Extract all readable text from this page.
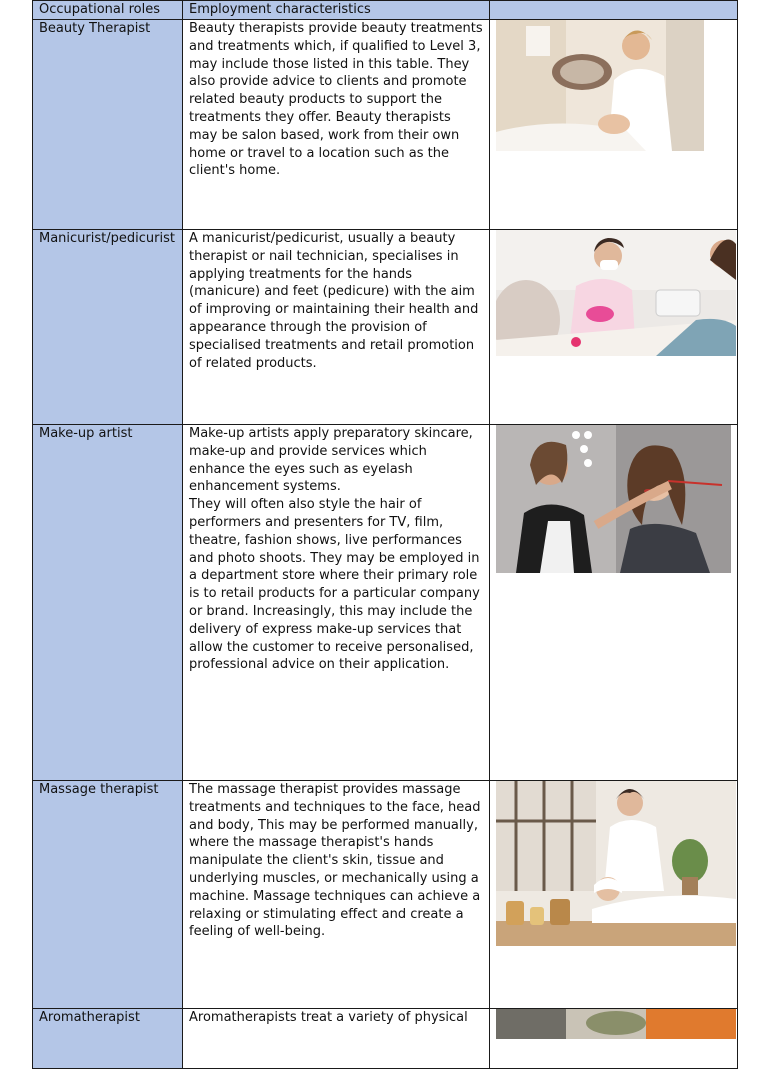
Occupational roles	Employment characteristics	
Beauty Therapist	Beauty therapists provide beauty treatments and treatments which, if qualified to Level 3, may include those listed in this table. They also provide advice to clients and promote related beauty products to support the treatments they offer. Beauty therapists may be salon based, work from their own home or travel to a location such as the client's home.

Manicurist/pedicurist	A manicurist/pedicurist, usually a beauty therapist or nail technician, specialises in applying treatments for the hands (manicure) and feet (pedicure) with the aim of improving or maintaining their health and appearance through the provision of specialised treatments and retail promotion of related products.

Make-up artist	Make-up artists apply preparatory skincare, make-up and provide services which enhance the eyes such as eyelash enhancement systems.

They will often also style the hair of performers and presenters for TV, film, theatre, fashion shows, live performances and photo shoots. They may be employed in a department store where their primary role is to retail products for a particular company or brand. Increasingly, this may include the delivery of express make-up services that allow the customer to receive personalised, professional advice on their application.

Massage therapist	The massage therapist provides massage treatments and techniques to the face, head and body, This may be performed manually, where the massage therapist's hands manipulate the client's skin, tissue and underlying muscles, or mechanically using a machine. Massage techniques can achieve a relaxing or stimulating effect and create a feeling of well-being.

Aromatherapist	Aromatherapists treat a variety of physical
